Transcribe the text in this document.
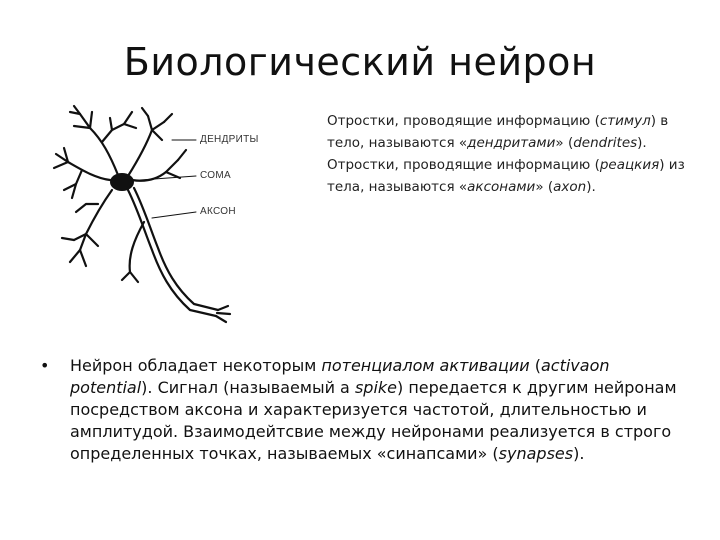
Биологический нейрон
ДЕНДРИТЫ
СОМА
АКСОН
Отростки, проводящие информацию (стимул) в тело, называются «дендритами» (dendrites). Отростки, проводящие информацию (реацкия) из тела, называются «аксонами» (axon).
• Нейрон обладает некоторым потенциалом активации (activaon potential). Сигнал (называемый а spike) передается к другим нейронам посредством аксона и характеризуется частотой, длительностью и амплитудой. Взаимодейтсвие между нейронами реализуется в строго определенных точках, называемых «синапсами» (synapses).
